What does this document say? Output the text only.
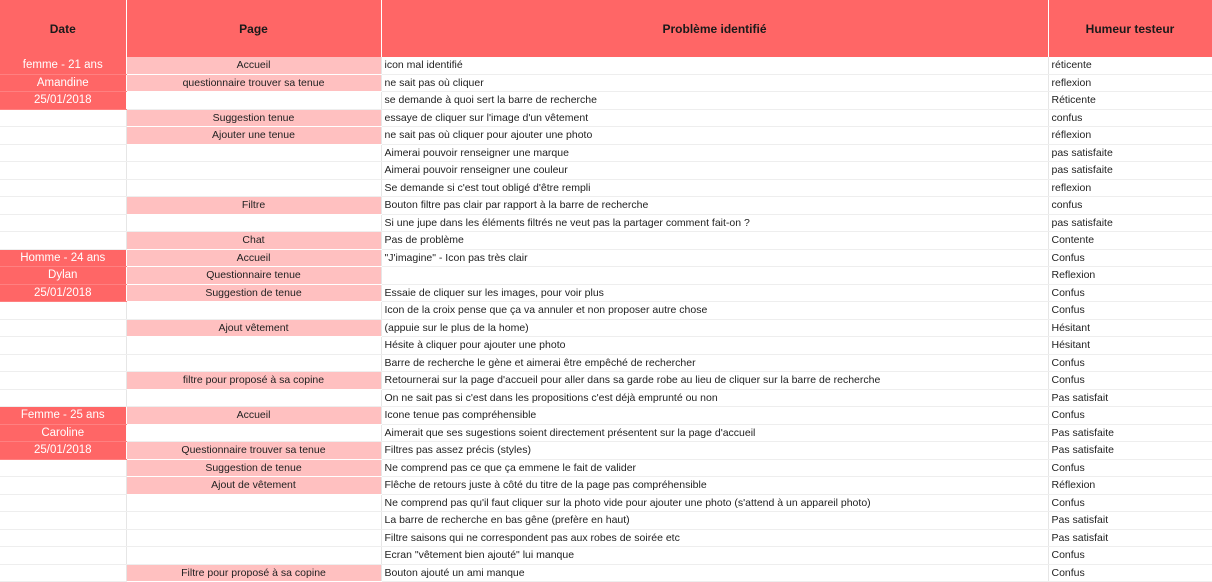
Date	Page	Problème identifié	Humeur testeur
femme - 21 ans	Accueil	icon mal identifié	réticente
Amandine	questionnaire trouver sa tenue	ne sait pas où cliquer	reflexion
25/01/2018		se demande à quoi sert la barre de recherche	Réticente
	Suggestion tenue	essaye de cliquer sur l'image d'un vêtement	confus
	Ajouter une tenue	ne sait pas où cliquer pour ajouter une photo	réflexion
		Aimerai pouvoir renseigner une marque	pas satisfaite
		Aimerai pouvoir renseigner une couleur	pas satisfaite
		Se demande si c'est tout obligé d'être rempli	reflexion
	Filtre	Bouton filtre pas clair par rapport à la barre de recherche	confus
		Si une jupe dans les éléments filtrés ne veut pas la partager comment fait-on ?	pas satisfaite
	Chat	Pas de problème	Contente
Homme - 24 ans	Accueil	"J'imagine" - Icon pas très clair	Confus
Dylan	Questionnaire tenue		Reflexion
25/01/2018	Suggestion de tenue	Essaie de cliquer sur les images, pour voir plus	Confus
		Icon de la croix pense que ça va annuler et non proposer autre chose	Confus
	Ajout vêtement	(appuie sur le plus de la home)	Hésitant
		Hésite à cliquer pour ajouter une photo	Hésitant
		Barre de recherche le gène et aimerai être empêché de rechercher	Confus
	filtre pour proposé à sa copine	Retournerai sur la page d'accueil pour aller dans sa garde robe au lieu de cliquer sur la barre de recherche	Confus
		On ne sait pas si c'est dans les propositions c'est déjà emprunté ou non	Pas satisfait
Femme - 25 ans	Accueil	Icone tenue pas compréhensible	Confus
Caroline		Aimerait que ses sugestions soient directement présentent sur la page d'accueil	Pas satisfaite
25/01/2018	Questionnaire trouver sa tenue	Filtres pas assez précis (styles)	Pas satisfaite
	Suggestion de tenue	Ne comprend pas ce que ça emmene le fait de valider	Confus
	Ajout de vêtement	Flêche de retours juste à côté du titre de la page pas compréhensible	Réflexion
		Ne comprend pas qu'il faut cliquer sur la photo vide pour ajouter une photo (s'attend à un appareil photo)	Confus
		La barre de recherche en bas gêne (prefère en haut)	Pas satisfait
		Filtre saisons qui ne correspondent pas aux robes de soirée etc	Pas satisfait
		Ecran "vêtement bien ajouté" lui manque	Confus
	Filtre pour proposé à sa copine	Bouton ajouté un ami manque	Confus
